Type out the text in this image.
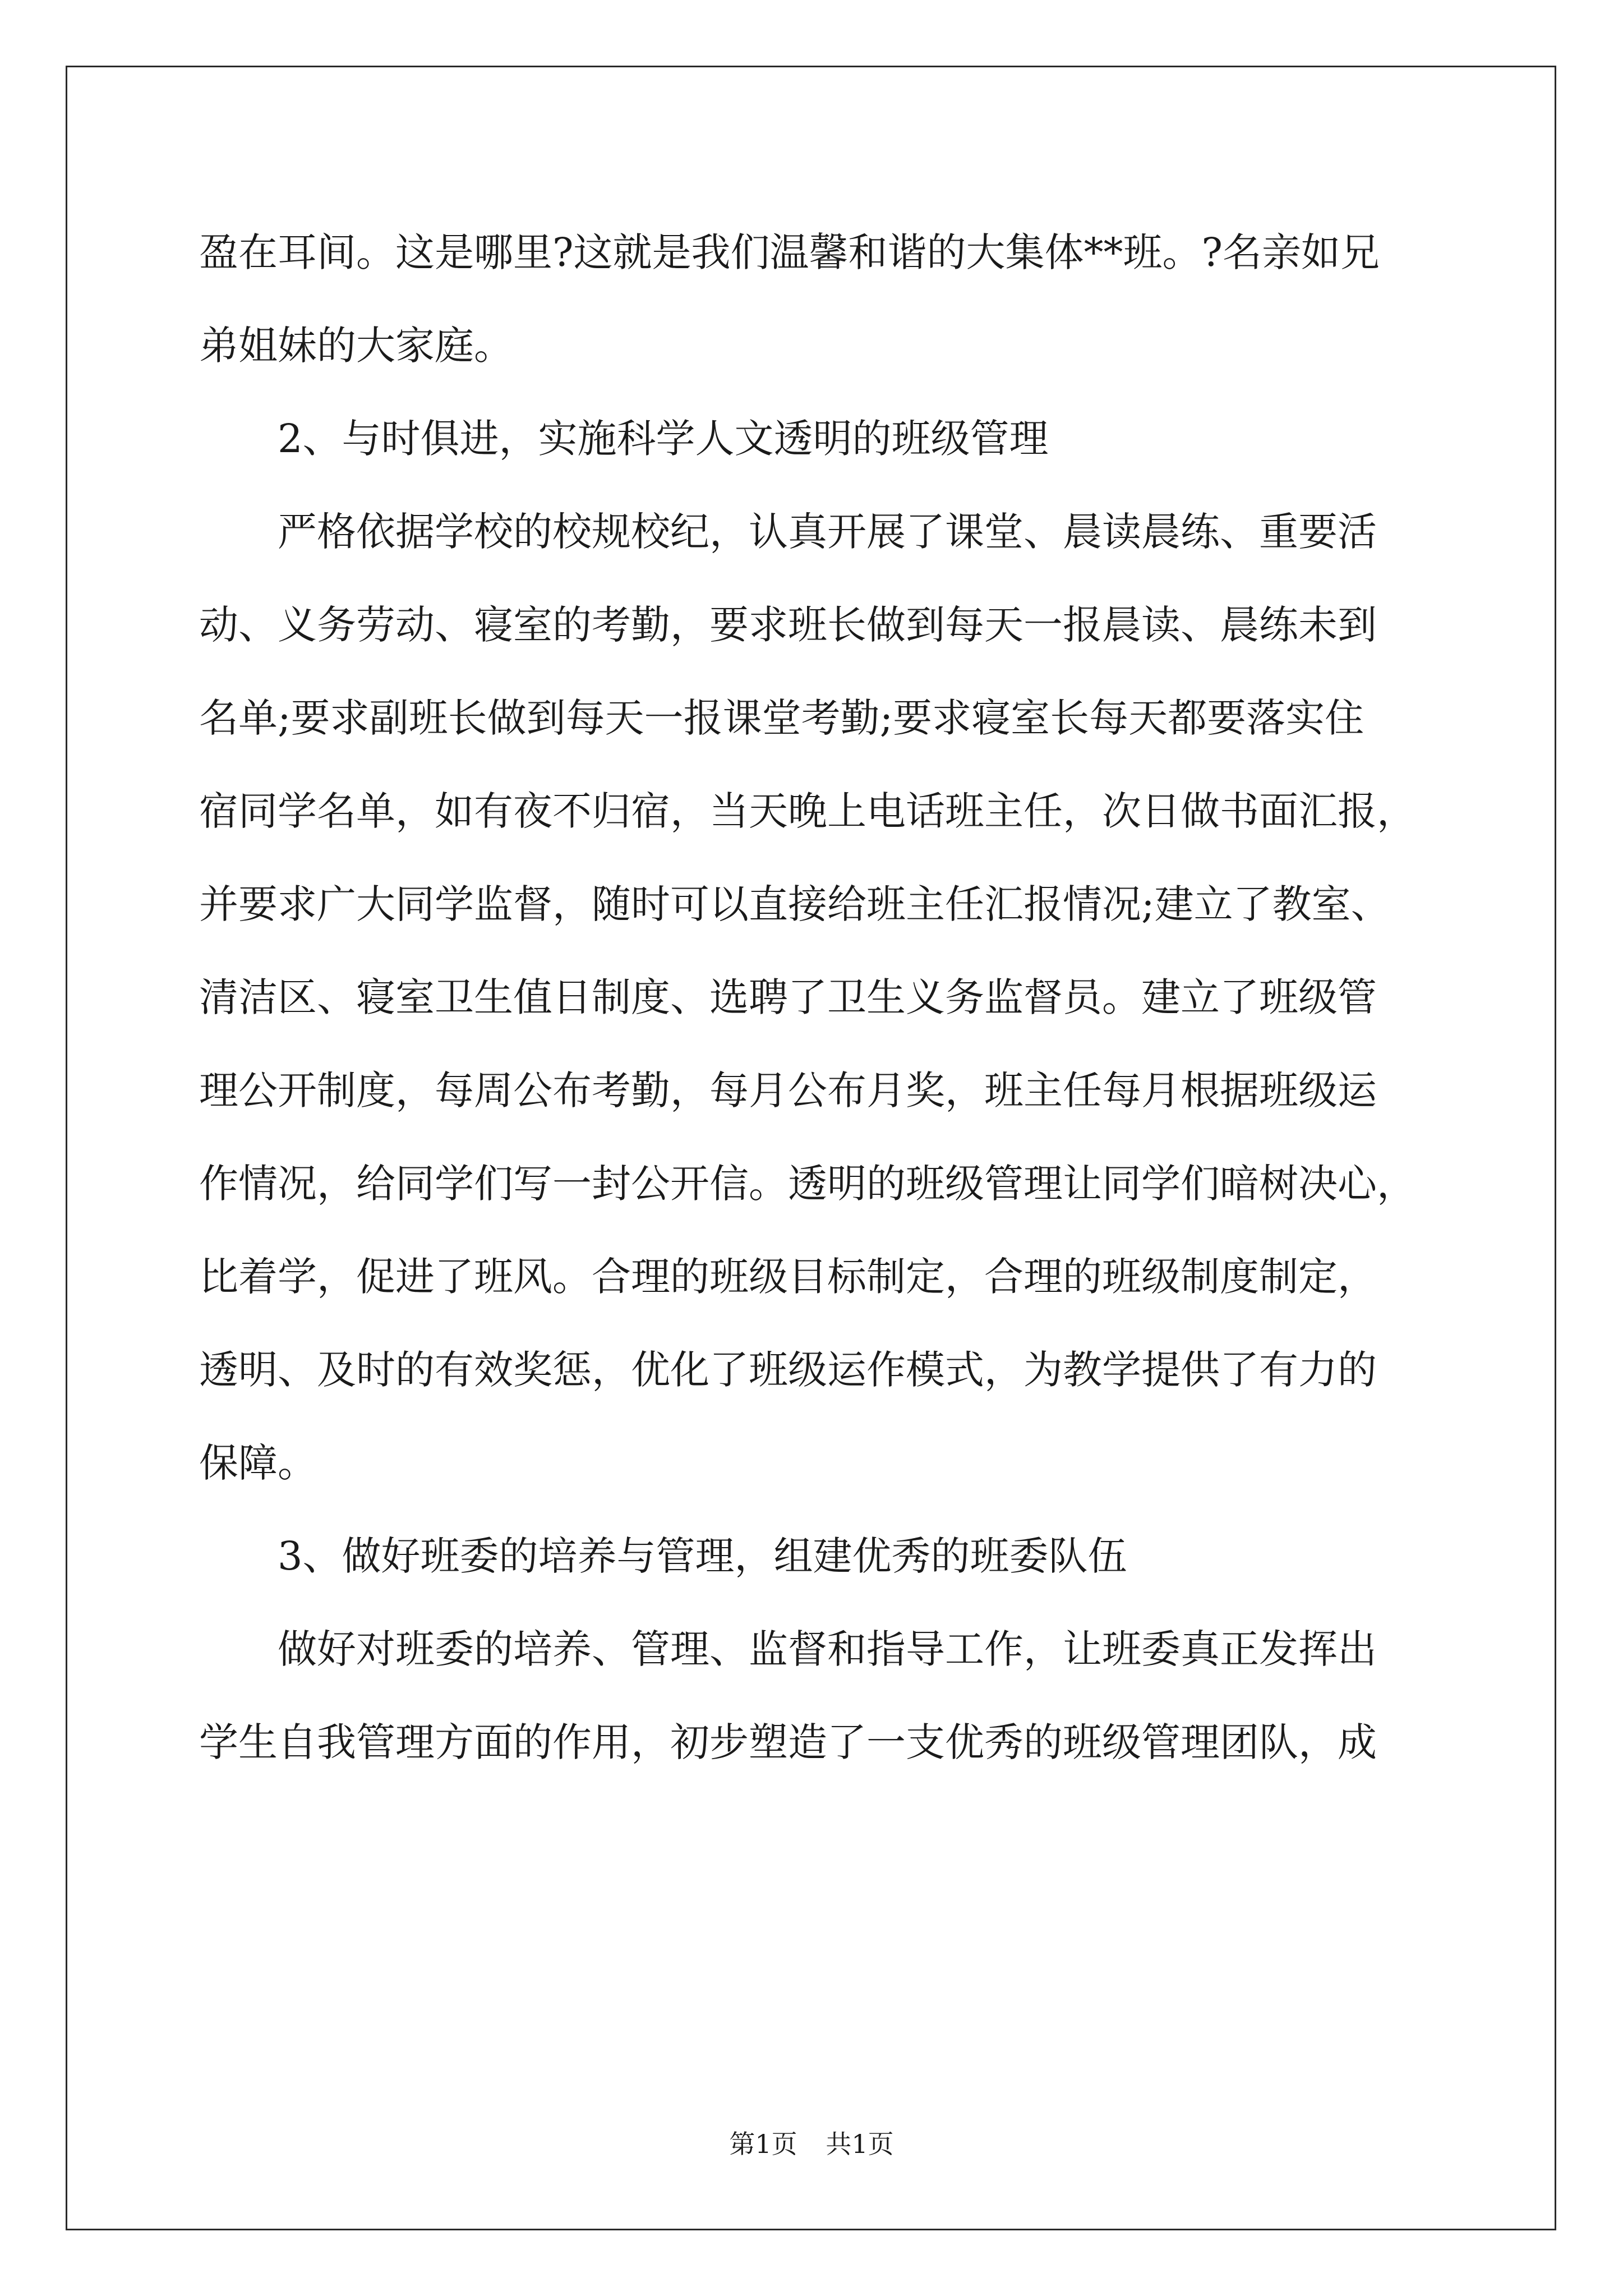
盈在耳间。这是哪里?这就是我们温馨和谐的大集体**班。?名亲如兄
弟姐妹的大家庭。
2、与时俱进，实施科学人文透明的班级管理
严格依据学校的校规校纪，认真开展了课堂、晨读晨练、重要活
动、义务劳动、寝室的考勤，要求班长做到每天一报晨读、晨练未到
名单;要求副班长做到每天一报课堂考勤;要求寝室长每天都要落实住
宿同学名单，如有夜不归宿，当天晚上电话班主任，次日做书面汇报，
并要求广大同学监督，随时可以直接给班主任汇报情况;建立了教室、
清洁区、寝室卫生值日制度、选聘了卫生义务监督员。建立了班级管
理公开制度，每周公布考勤，每月公布月奖，班主任每月根据班级运
作情况，给同学们写一封公开信。透明的班级管理让同学们暗树决心，
比着学，促进了班风。合理的班级目标制定，合理的班级制度制定，
透明、及时的有效奖惩，优化了班级运作模式，为教学提供了有力的
保障。
3、做好班委的培养与管理，组建优秀的班委队伍
做好对班委的培养、管理、监督和指导工作，让班委真正发挥出
学生自我管理方面的作用，初步塑造了一支优秀的班级管理团队，成
第1页 共1页
